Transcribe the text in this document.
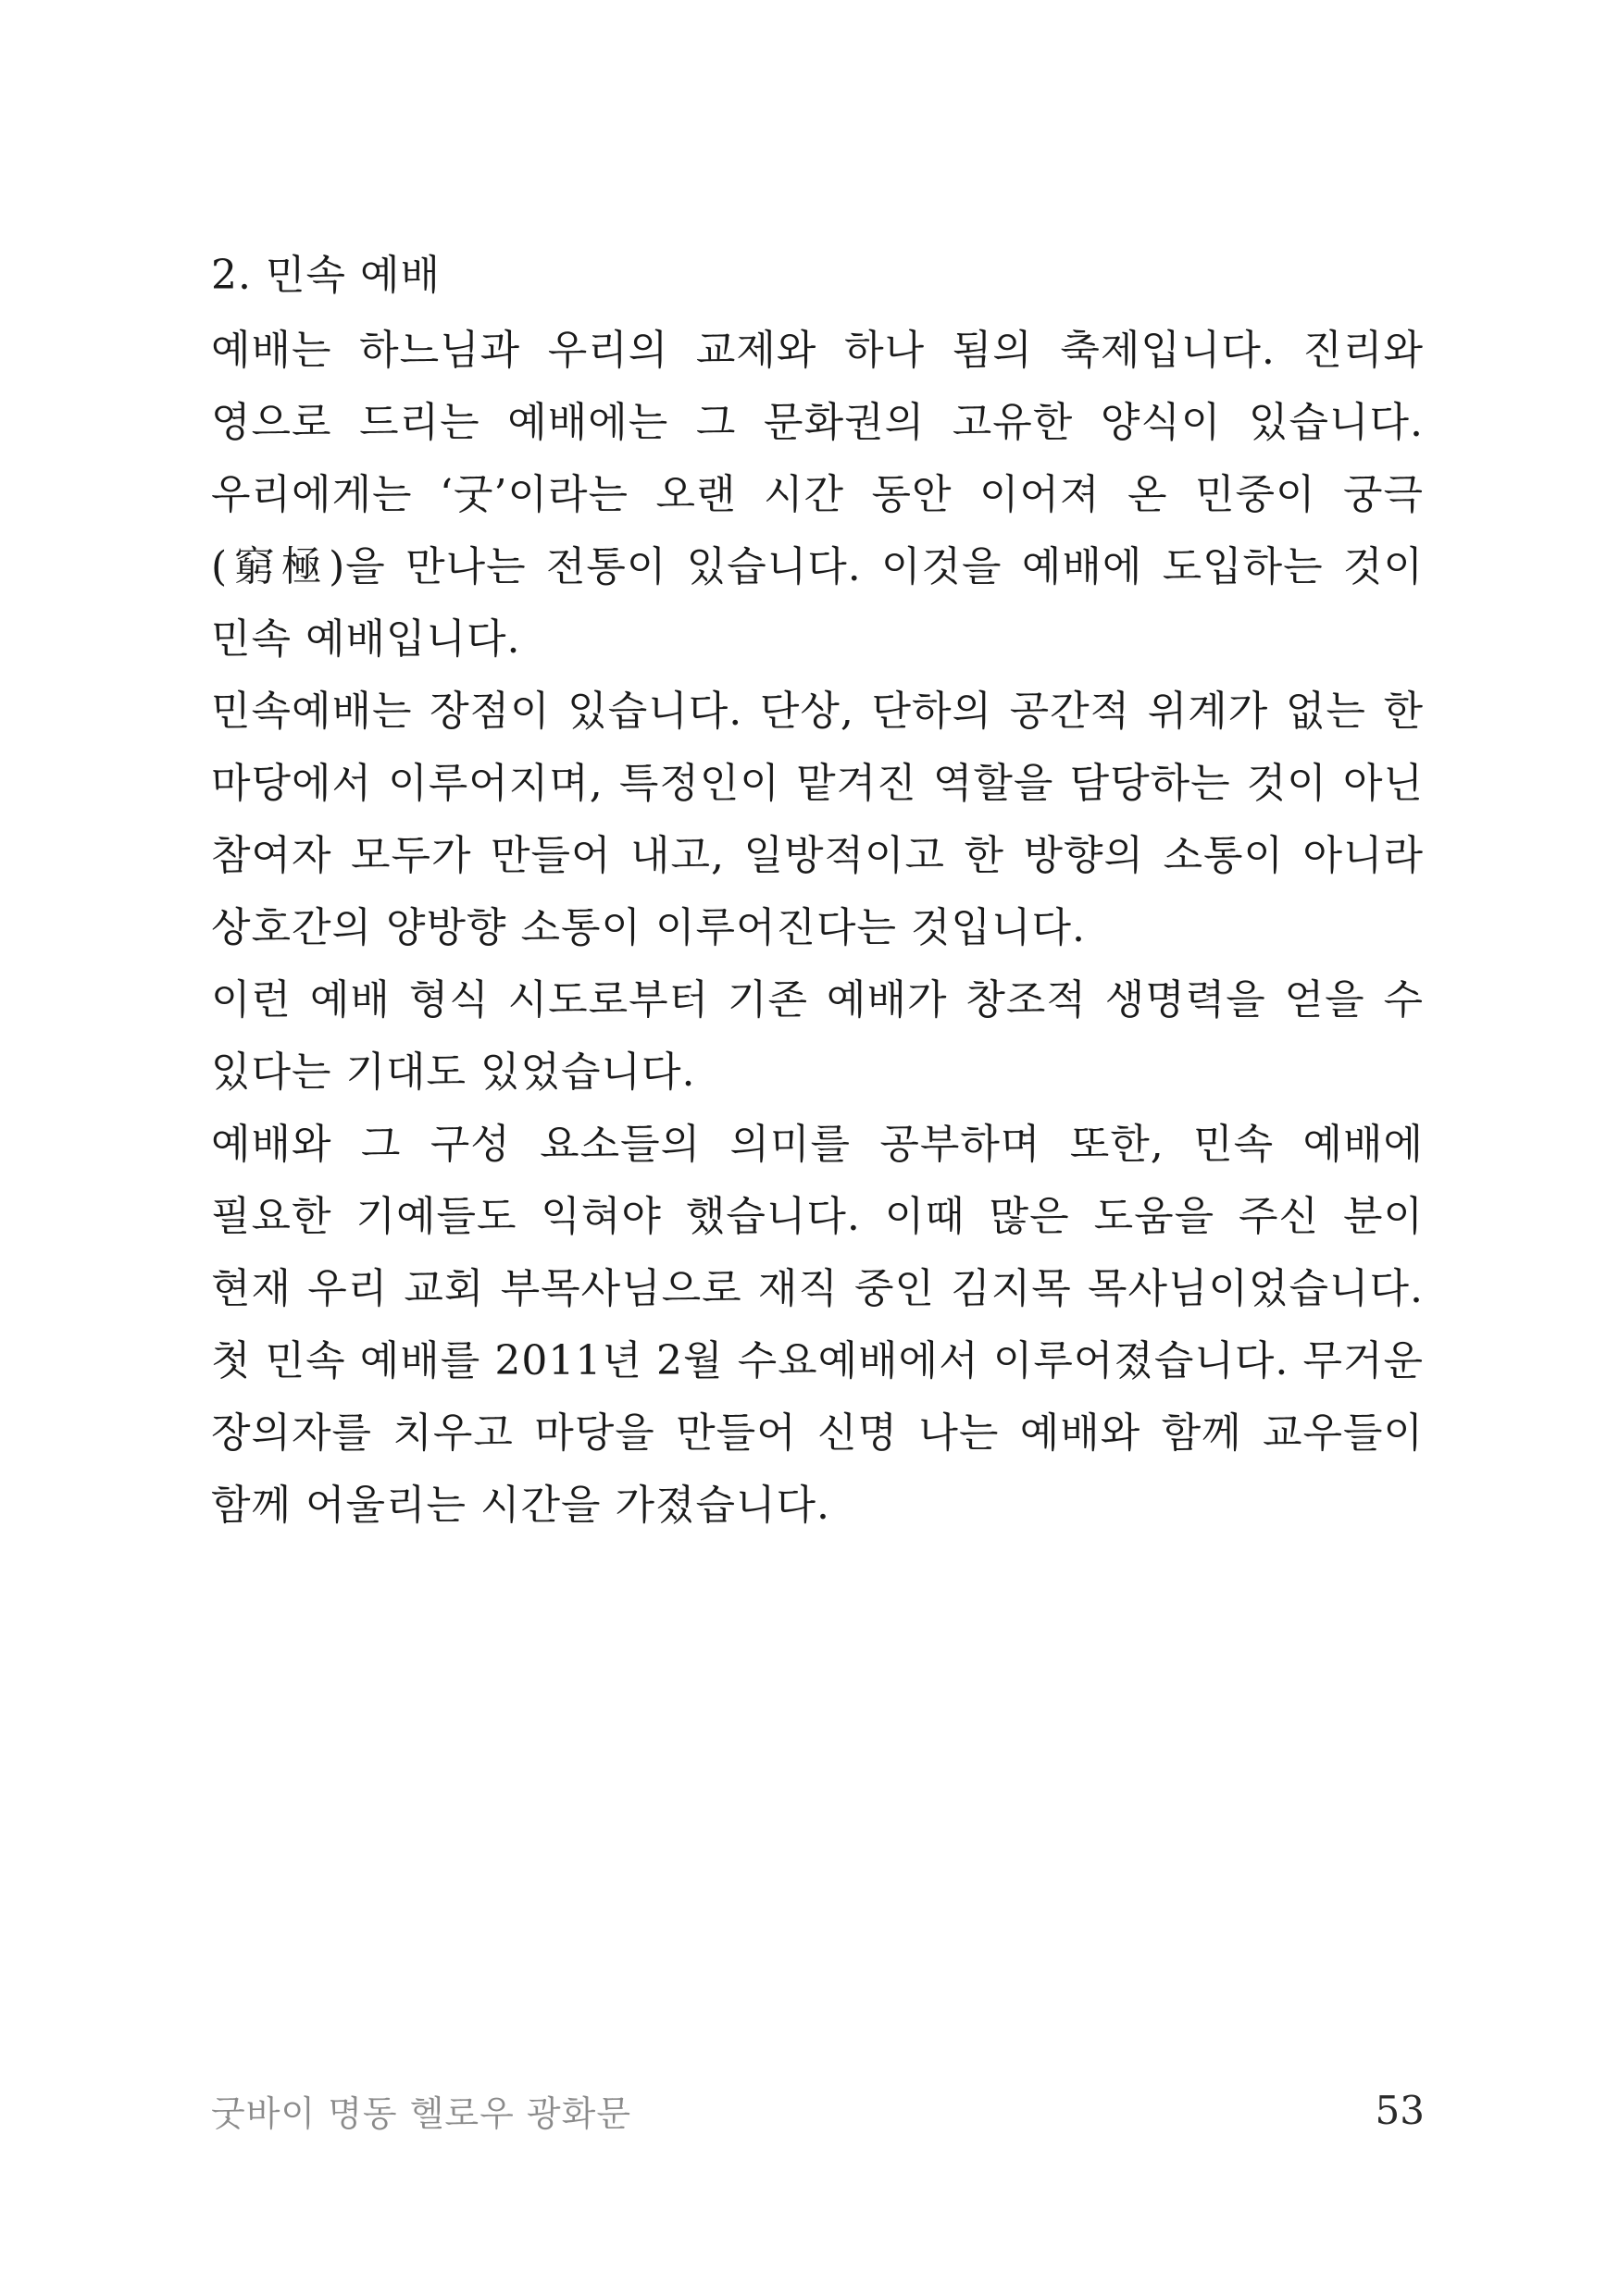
2. 민속 예배

예배는 하느님과 우리의 교제와 하나 됨의 축제입니다. 진리와 영으로 드리는 예배에는 그 문화권의 고유한 양식이 있습니다. 우리에게는 ‘굿’이라는 오랜 시간 동안 이어져 온 민중이 궁극(窮極)을 만나는 전통이 있습니다. 이것을 예배에 도입하는 것이 민속 예배입니다.

민속예배는 장점이 있습니다. 단상, 단하의 공간적 위계가 없는 한 마당에서 이루어지며, 특정인이 맡겨진 역할을 담당하는 것이 아닌 참여자 모두가 만들어 내고, 일방적이고 한 방향의 소통이 아니라 상호간의 양방향 소통이 이루어진다는 것입니다.

이런 예배 형식 시도로부터 기존 예배가 창조적 생명력을 얻을 수 있다는 기대도 있었습니다.

예배와 그 구성 요소들의 의미를 공부하며 또한, 민속 예배에 필요한 기예들도 익혀야 했습니다. 이때 많은 도움을 주신 분이 현재 우리 교회 부목사님으로 재직 중인 김지목 목사님이었습니다. 첫 민속 예배를 2011년 2월 수요예배에서 이루어졌습니다. 무거운 장의자를 치우고 마당을 만들어 신명 나는 예배와 함께 교우들이 함께 어울리는 시간을 가졌습니다.

굿바이 명동 헬로우 광화문	53
